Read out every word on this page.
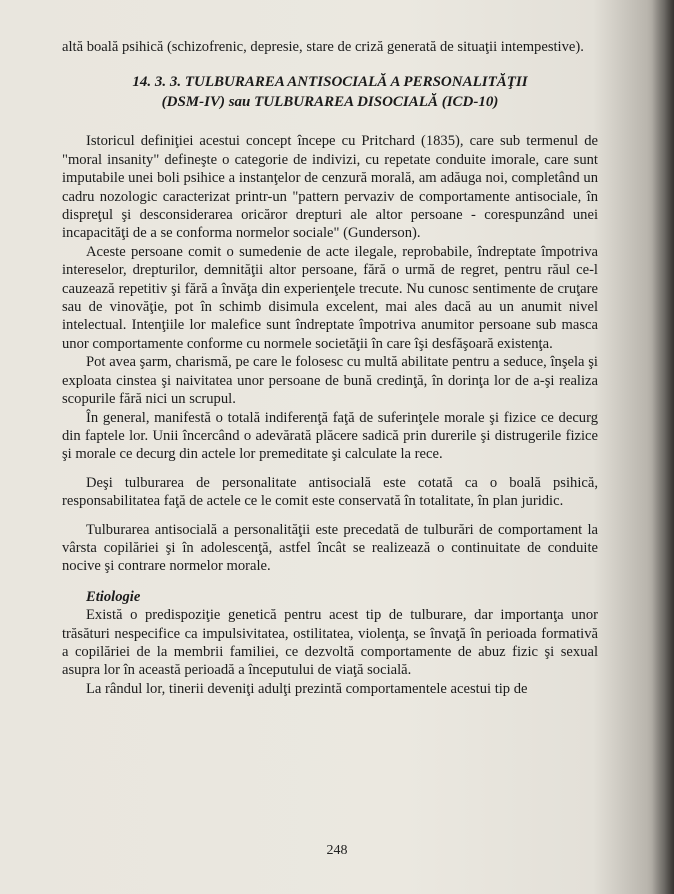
altă boală psihică (schizofrenic, depresie, stare de criză generată de situaţii intempestive).

14. 3. 3. TULBURAREA ANTISOCIALĂ A PERSONALITĂŢII
(DSM-IV) sau TULBURAREA DISOCIALĂ (ICD-10)

Istoricul definiţiei acestui concept începe cu Pritchard (1835), care sub termenul de "moral insanity" defineşte o categorie de indivizi, cu repetate conduite imorale, care sunt imputabile unei boli psihice a instanţelor de cenzură morală, am adăuga noi, completând un cadru nozologic caracterizat printr-un "pattern pervaziv de comportamente antisociale, în dispreţul şi desconsiderarea oricăror drepturi ale altor persoane - corespunzând unei incapacităţi de a se conforma normelor sociale" (Gunderson).

Aceste persoane comit o sumedenie de acte ilegale, reprobabile, îndreptate împotriva intereselor, drepturilor, demnităţii altor persoane, fără o urmă de regret, pentru răul ce-l cauzează repetitiv şi fără a învăţa din experienţele trecute. Nu cunosc sentimente de cruţare sau de vinovăţie, pot în schimb disimula excelent, mai ales dacă au un anumit nivel intelectual. Intenţiile lor malefice sunt îndreptate împotriva anumitor persoane sub masca unor comportamente conforme cu normele societăţii în care îşi desfăşoară existenţa.

Pot avea şarm, charismă, pe care le folosesc cu multă abilitate pentru a seduce, înşela şi exploata cinstea şi naivitatea unor persoane de bună credinţă, în dorinţa lor de a-şi realiza scopurile fără nici un scrupul.

În general, manifestă o totală indiferenţă faţă de suferinţele morale şi fizice ce decurg din faptele lor. Unii încercând o adevărată plăcere sadică prin durerile şi distrugerile fizice şi morale ce decurg din actele lor premeditate şi calculate la rece.

Deşi tulburarea de personalitate antisocială este cotată ca o boală psihică, responsabilitatea faţă de actele ce le comit este conservată în totalitate, în plan juridic.

Tulburarea antisocială a personalităţii este precedată de tulburări de comportament la vârsta copilăriei şi în adolescenţă, astfel încât se realizează o continuitate de conduite nocive şi contrare normelor morale.

Etiologie

Există o predispoziţie genetică pentru acest tip de tulburare, dar importanţa unor trăsături nespecifice ca impulsivitatea, ostilitatea, violenţa, se învaţă în perioada formativă a copilăriei de la membrii familiei, ce dezvoltă comportamente de abuz fizic şi sexual asupra lor în această perioadă a începutului de viaţă socială.

La rândul lor, tinerii deveniţi adulţi prezintă comportamentele acestui tip de

248
